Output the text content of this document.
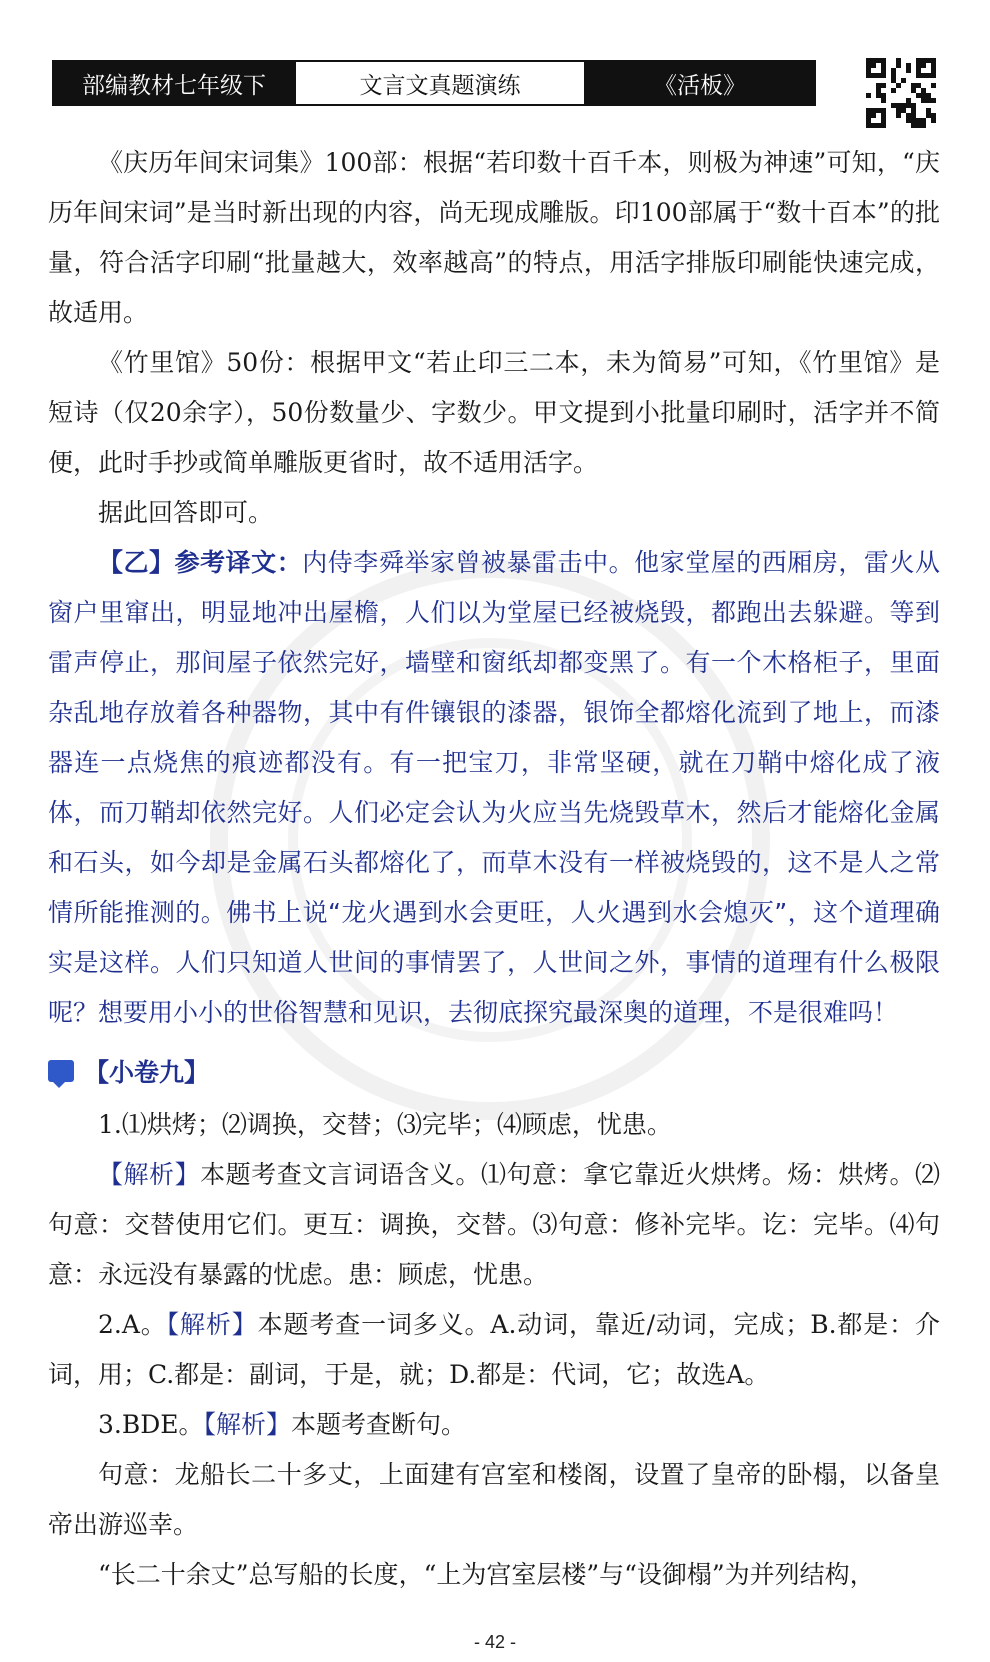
部编教材七年级下	文言文真题演练	《活板》

《庆历年间宋词集》100部：根据“若印数十百千本，则极为神速”可知，“庆历年间宋词”是当时新出现的内容，尚无现成雕版。印100部属于“数十百本”的批量，符合活字印刷“批量越大，效率越高”的特点，用活字排版印刷能快速完成，故适用。

《竹里馆》50份：根据甲文“若止印三二本，未为简易”可知，《竹里馆》是短诗（仅20余字），50份数量少、字数少。甲文提到小批量印刷时，活字并不简便，此时手抄或简单雕版更省时，故不适用活字。

据此回答即可。

【乙】参考译文：内侍李舜举家曾被暴雷击中。他家堂屋的西厢房，雷火从窗户里窜出，明显地冲出屋檐，人们以为堂屋已经被烧毁，都跑出去躲避。等到雷声停止，那间屋子依然完好，墙壁和窗纸却都变黑了。有一个木格柜子，里面杂乱地存放着各种器物，其中有件镶银的漆器，银饰全都熔化流到了地上，而漆器连一点烧焦的痕迹都没有。有一把宝刀，非常坚硬，就在刀鞘中熔化成了液体，而刀鞘却依然完好。人们必定会认为火应当先烧毁草木，然后才能熔化金属和石头，如今却是金属石头都熔化了，而草木没有一样被烧毁的，这不是人之常情所能推测的。佛书上说“龙火遇到水会更旺，人火遇到水会熄灭”，这个道理确实是这样。人们只知道人世间的事情罢了，人世间之外，事情的道理有什么极限呢？想要用小小的世俗智慧和见识，去彻底探究最深奥的道理，不是很难吗！

【小卷九】

1.⑴烘烤；⑵调换，交替；⑶完毕；⑷顾虑，忧患。

【解析】本题考查文言词语含义。⑴句意：拿它靠近火烘烤。炀：烘烤。⑵句意：交替使用它们。更互：调换，交替。⑶句意：修补完毕。讫：完毕。⑷句意：永远没有暴露的忧虑。患：顾虑，忧患。

2.A。【解析】本题考查一词多义。A.动词，靠近/动词，完成；B.都是：介词，用；C.都是：副词，于是，就；D.都是：代词，它；故选A。

3.BDE。【解析】本题考查断句。

句意：龙船长二十多丈，上面建有宫室和楼阁，设置了皇帝的卧榻，以备皇帝出游巡幸。

“长二十余丈”总写船的长度，“上为宫室层楼”与“设御榻”为并列结构，

- 42 -
